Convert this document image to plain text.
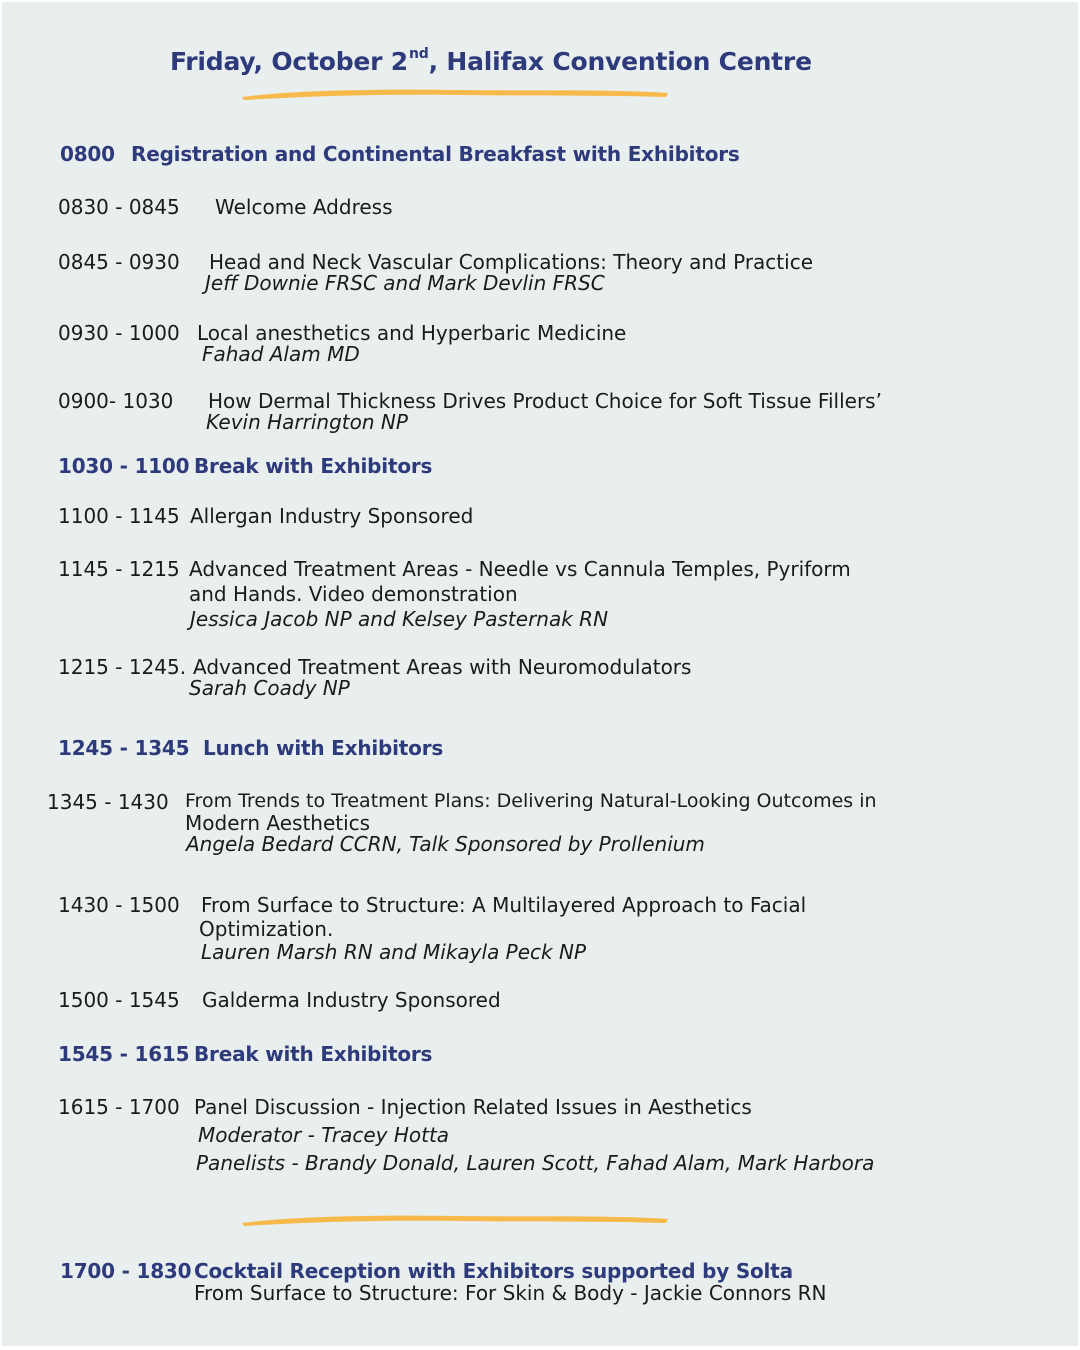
Friday, October 2nd, Halifax Convention Centre
0800 Registration and Continental Breakfast with Exhibitors
0830 - 0845 Welcome Address
0845 - 0930 Head and Neck Vascular Complications: Theory and Practice
Jeff Downie FRSC and Mark Devlin FRSC
0930 - 1000 Local anesthetics and Hyperbaric Medicine
Fahad Alam MD
0900- 1030 How Dermal Thickness Drives Product Choice for Soft Tissue Fillers’
Kevin Harrington NP
1030 - 1100 Break with Exhibitors
1100 - 1145 Allergan Industry Sponsored
1145 - 1215 Advanced Treatment Areas - Needle vs Cannula Temples, Pyriform
and Hands. Video demonstration
Jessica Jacob NP and Kelsey Pasternak RN
1215 - 1245. Advanced Treatment Areas with Neuromodulators
Sarah Coady NP
1245 - 1345 Lunch with Exhibitors
1345 - 1430 From Trends to Treatment Plans: Delivering Natural-Looking Outcomes in
Modern Aesthetics
Angela Bedard CCRN, Talk Sponsored by Prollenium
1430 - 1500 From Surface to Structure: A Multilayered Approach to Facial
Optimization.
Lauren Marsh RN and Mikayla Peck NP
1500 - 1545 Galderma Industry Sponsored
1545 - 1615 Break with Exhibitors
1615 - 1700 Panel Discussion - Injection Related Issues in Aesthetics
Moderator - Tracey Hotta
Panelists - Brandy Donald, Lauren Scott, Fahad Alam, Mark Harbora
1700 - 1830 Cocktail Reception with Exhibitors supported by Solta
From Surface to Structure: For Skin & Body - Jackie Connors RN
